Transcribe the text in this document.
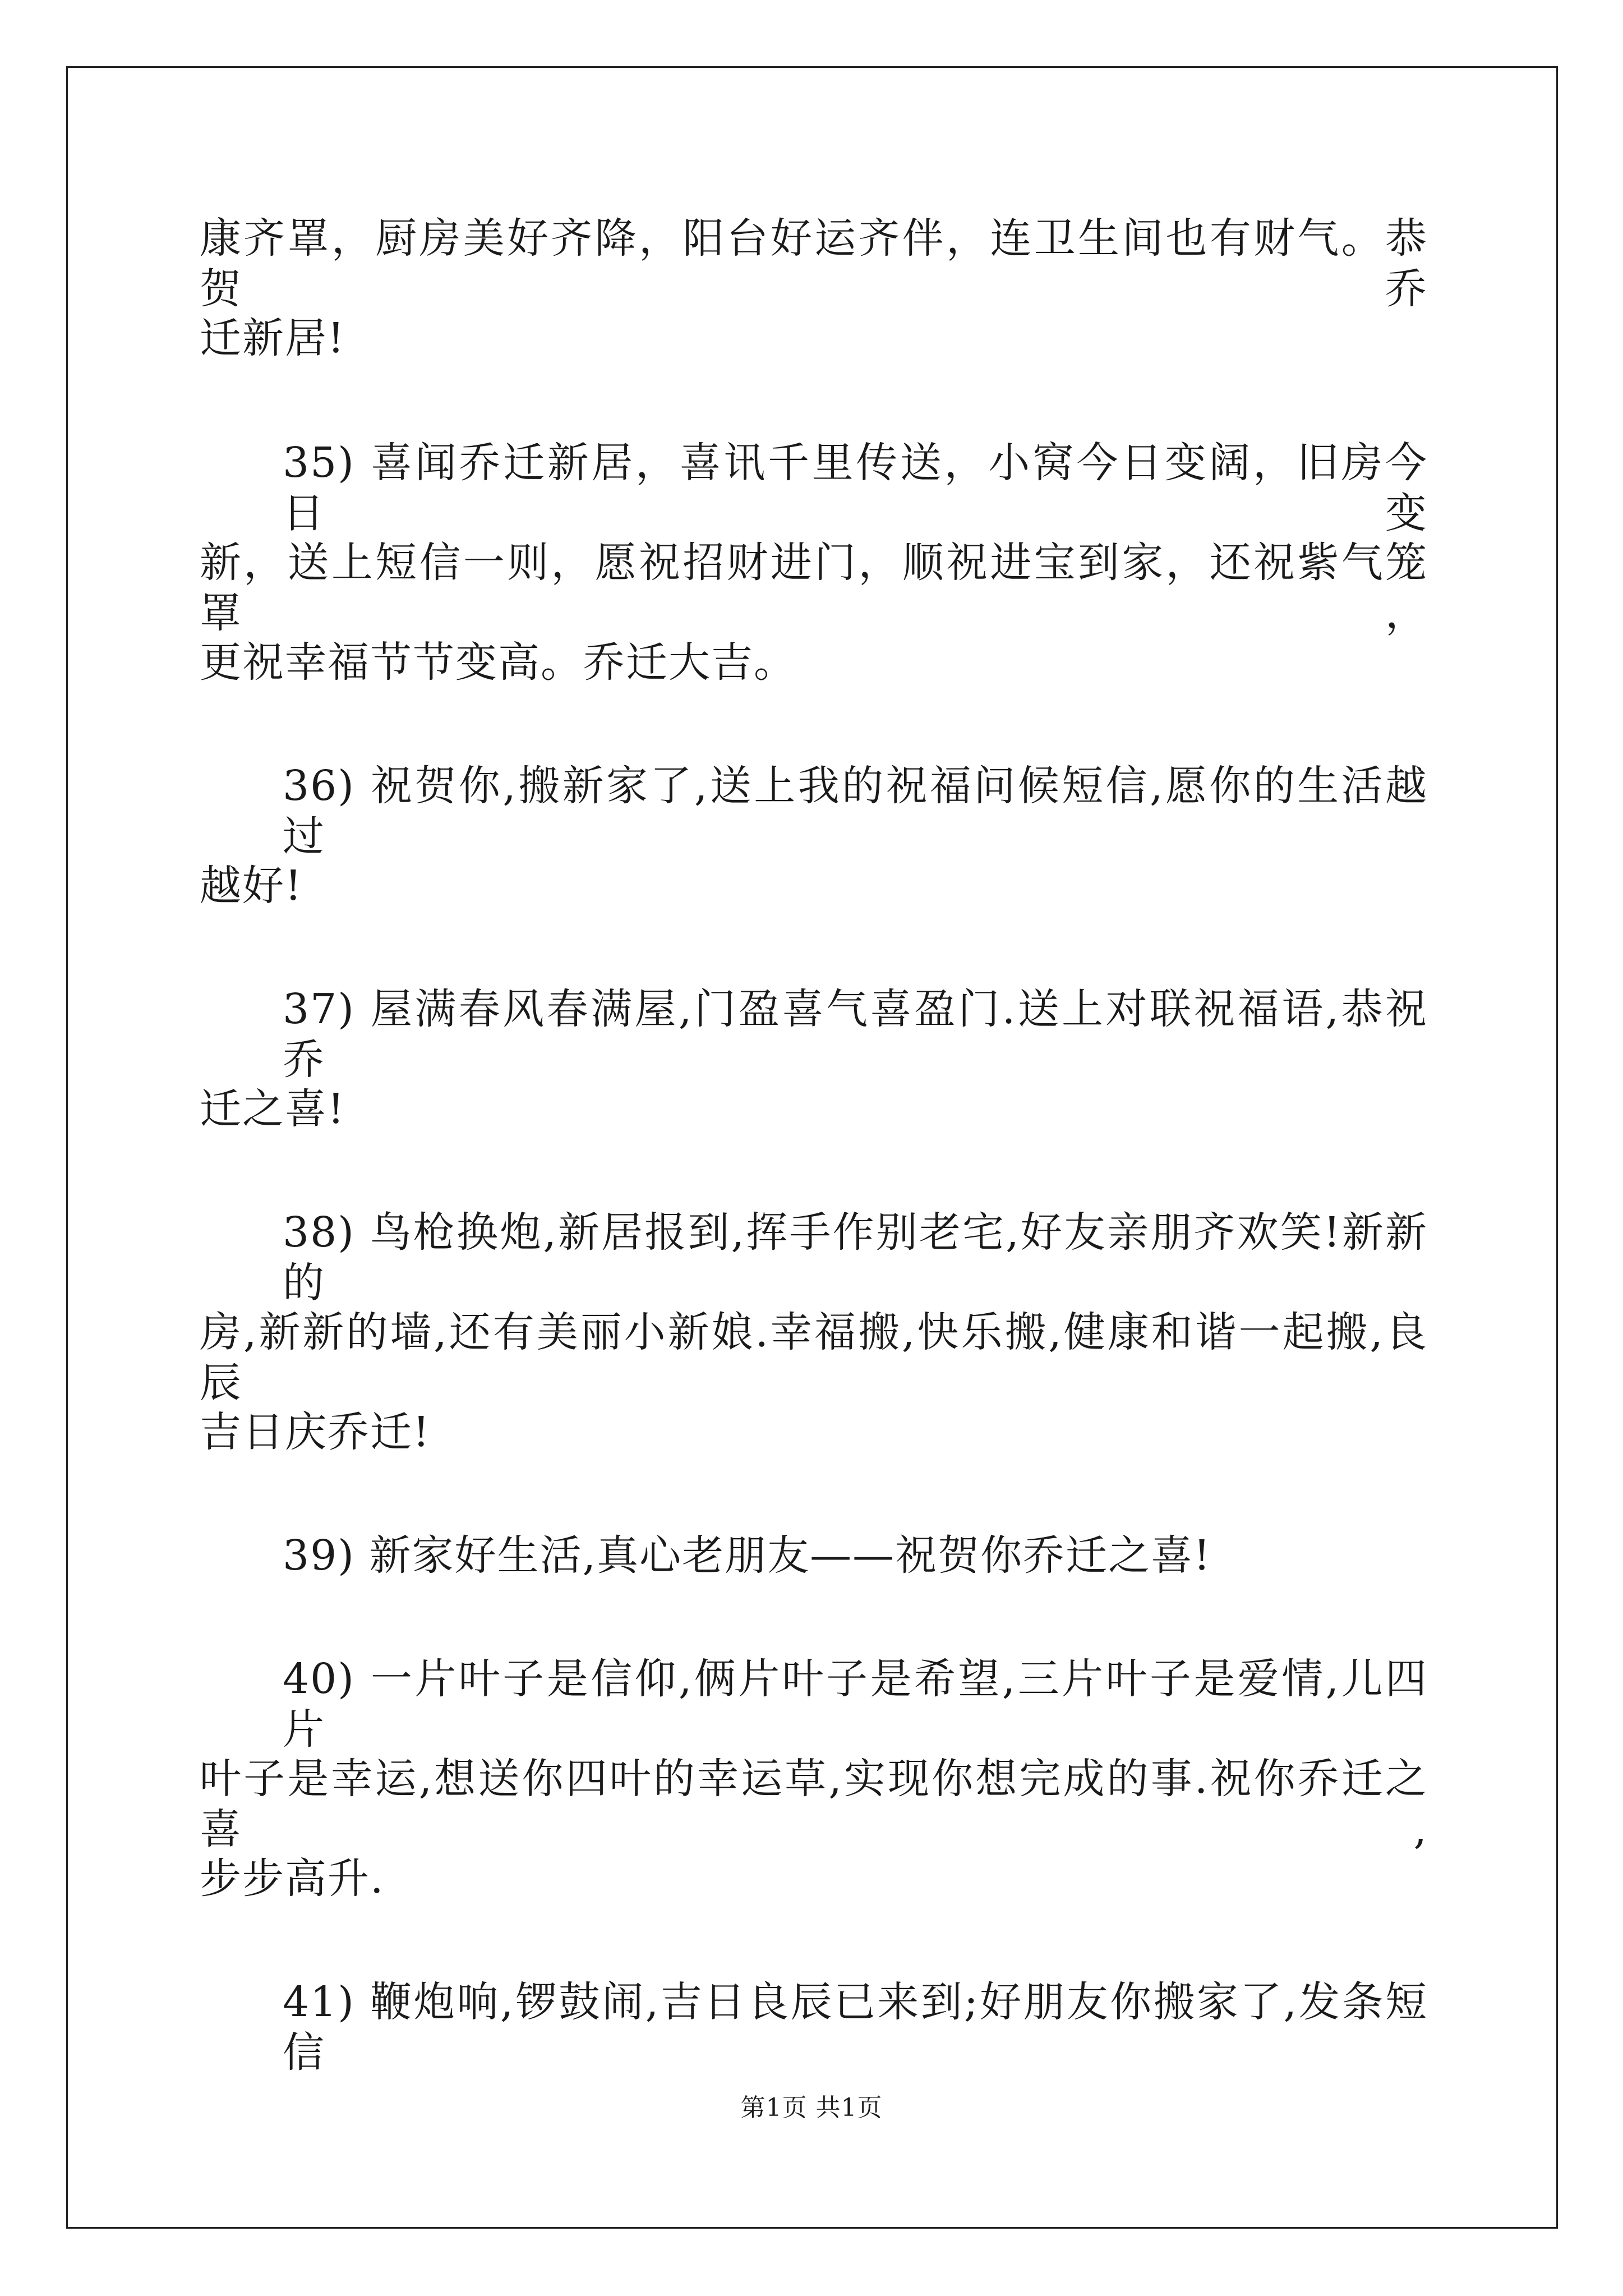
康齐罩，厨房美好齐降，阳台好运齐伴，连卫生间也有财气。恭贺乔
迁新居!
35) 喜闻乔迁新居，喜讯千里传送，小窝今日变阔，旧房今日变
新，送上短信一则，愿祝招财进门，顺祝进宝到家，还祝紫气笼罩，
更祝幸福节节变高。乔迁大吉。
36) 祝贺你,搬新家了,送上我的祝福问候短信,愿你的生活越过
越好!
37) 屋满春风春满屋,门盈喜气喜盈门.送上对联祝福语,恭祝乔
迁之喜!
38) 鸟枪换炮,新居报到,挥手作别老宅,好友亲朋齐欢笑!新新的
房,新新的墙,还有美丽小新娘.幸福搬,快乐搬,健康和谐一起搬,良辰
吉日庆乔迁!
39) 新家好生活,真心老朋友——祝贺你乔迁之喜!
40) 一片叶子是信仰,俩片叶子是希望,三片叶子是爱情,儿四片
叶子是幸运,想送你四叶的幸运草,实现你想完成的事.祝你乔迁之喜,
步步高升.
41) 鞭炮响,锣鼓闹,吉日良辰已来到;好朋友你搬家了,发条短信
第1页 共1页
